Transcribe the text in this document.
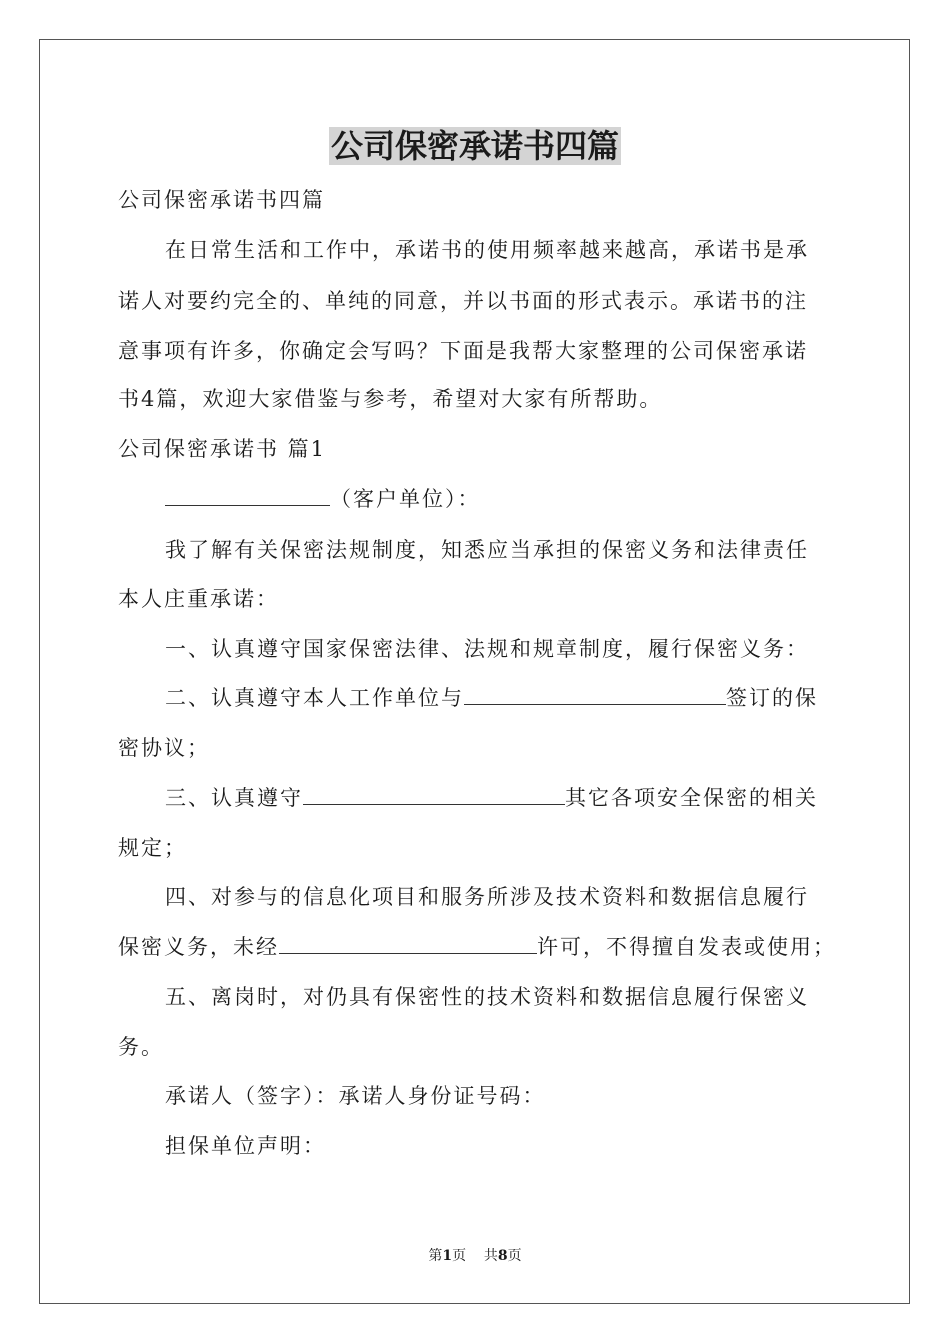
公司保密承诺书四篇
公司保密承诺书四篇
在日常生活和工作中，承诺书的使用频率越来越高，承诺书是承
诺人对要约完全的、单纯的同意，并以书面的形式表示。承诺书的注
意事项有许多，你确定会写吗？下面是我帮大家整理的公司保密承诺
书4篇，欢迎大家借鉴与参考，希望对大家有所帮助。
公司保密承诺书 篇1
（客户单位）：
我了解有关保密法规制度，知悉应当承担的保密义务和法律责任
本人庄重承诺：
一、认真遵守国家保密法律、法规和规章制度，履行保密义务：
二、认真遵守本人工作单位与	签订的保
密协议；
三、认真遵守	其它各项安全保密的相关
规定；
四、对参与的信息化项目和服务所涉及技术资料和数据信息履行
保密义务，未经	许可，不得擅自发表或使用；
五、离岗时，对仍具有保密性的技术资料和数据信息履行保密义
务。
承诺人（签字）：承诺人身份证号码：
担保单位声明：
第1页    共8页
